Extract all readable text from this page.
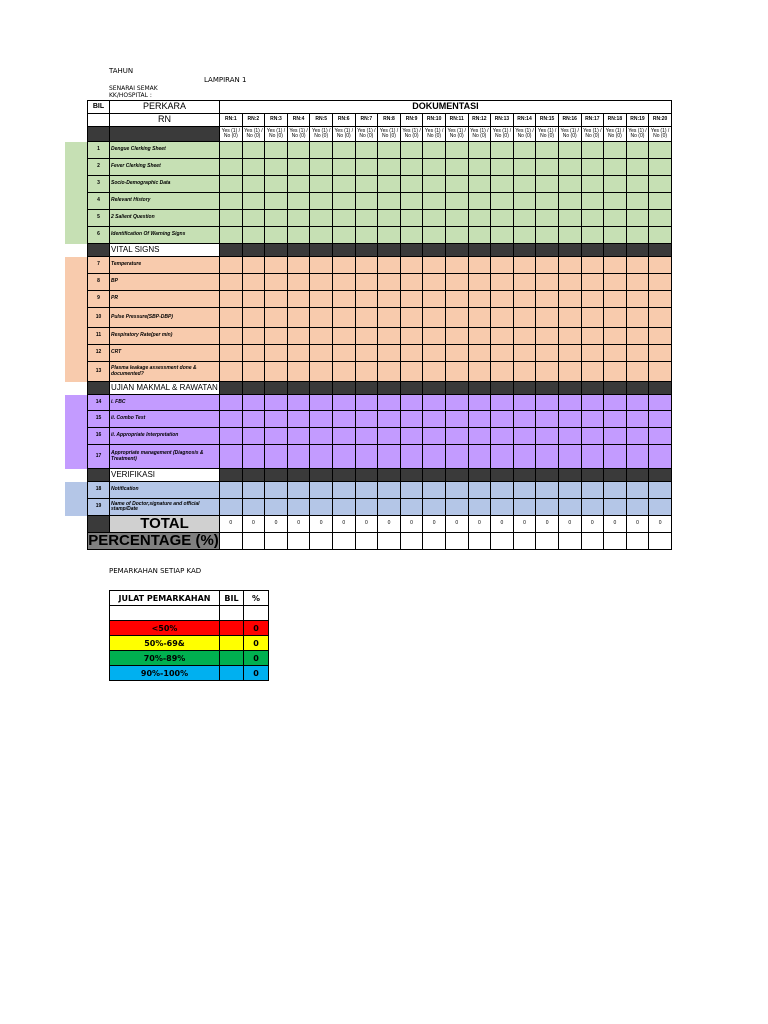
TAHUN
LAMPIRAN 1
SENARAI SEMAK
KK/HOSPITAL :
BIL	PERKARA	DOKUMENTASI																			
	RN	RN:1	RN:2	RN:3	RN:4	RN:5	RN:6	RN:7	RN:8	RN:9	RN:10	RN:11	RN:12	RN:13	RN:14	RN:15	RN:16	RN:17	RN:18	RN:19	RN:20
		Yes (1) / No (0)	Yes (1) / No (0)	Yes (1) / No (0)	Yes (1) / No (0)	Yes (1) / No (0)	Yes (1) / No (0)	Yes (1) / No (0)	Yes (1) / No (0)	Yes (1) / No (0)	Yes (1) / No (0)	Yes (1) / No (0)	Yes (1) / No (0)	Yes (1) / No (0)	Yes (1) / No (0)	Yes (1) / No (0)	Yes (1) / No (0)	Yes (1) / No (0)	Yes (1) / No (0)	Yes (1) / No (0)	Yes (1) / No (0)
1	Dengue Clerking Sheet																				
2	Fever Clerking Sheet																				
3	Socio-Demographic Data																				
4	Relevant History																				
5	2 Salient Question																				
6	Identification Of Warning Signs																				
	VITAL SIGNS																				
7	Temperature																				
8	BP																				
9	PR																				
10	Pulse Pressure(SBP-DBP)																				
11	Respiratory Rate(per min)																				
12	CRT																				
13	Plasma leakage assessment done & documented?																				
	UJIAN MAKMAL & RAWATAN																				
14	i. FBC																				
15	ii. Combo Test																				
16	ii. Appropriate Interpretation																				
17	Appropriate management (Diagnosis & Treatment)																				
	VERIFIKASI																				
18	Notification																				
19	Name of Doctor,signature and official stamp/Date																				
	TOTAL	0	0	0	0	0	0	0	0	0	0	0	0	0	0	0	0	0	0	0	0
PERCENTAGE (%)																					
PEMARKAHAN SETIAP KAD
JULAT PEMARKAHAN	BIL	%

<50%		0
50%-69&		0
70%-89%		0
90%-100%		0
